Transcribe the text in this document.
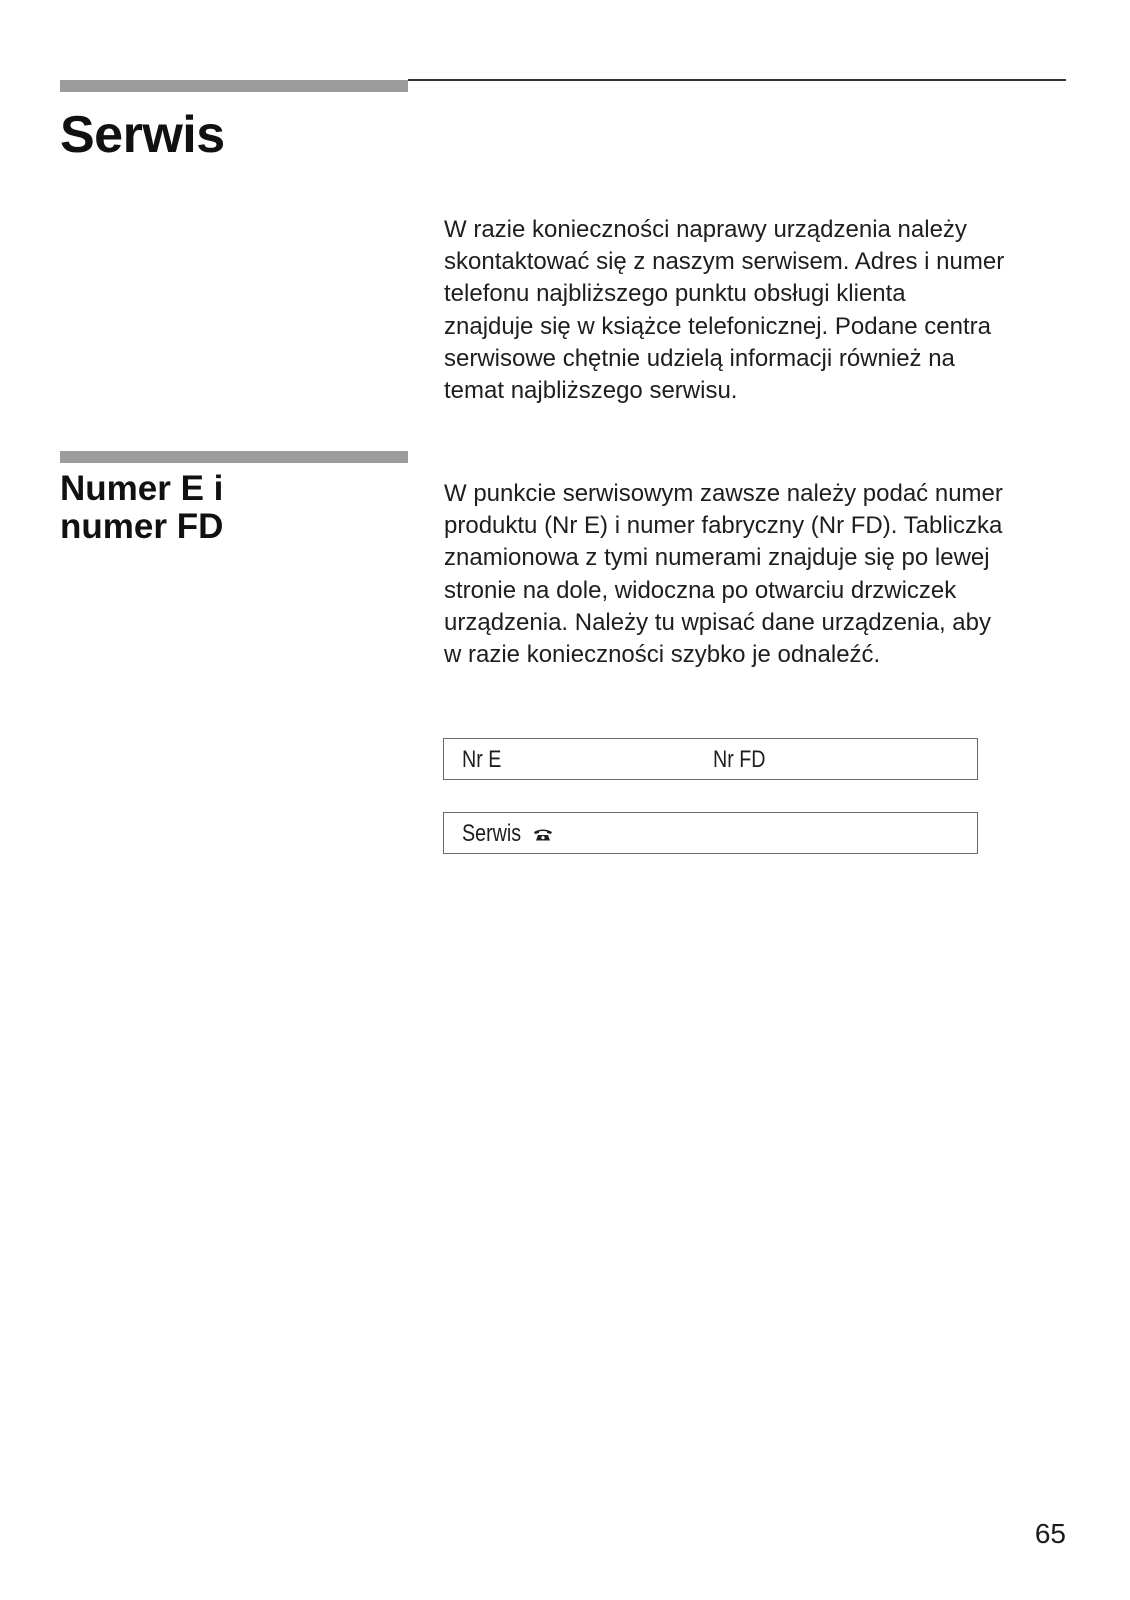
Serwis

W razie konieczności naprawy urządzenia należy
skontaktować się z naszym serwisem. Adres i numer
telefonu najbliższego punktu obsługi klienta
znajduje się w książce telefonicznej. Podane centra
serwisowe chętnie udzielą informacji również na
temat najbliższego serwisu.

Numer E i
numer FD

W punkcie serwisowym zawsze należy podać numer
produktu (Nr E) i numer fabryczny (Nr FD). Tabliczka
znamionowa z tymi numerami znajduje się po lewej
stronie na dole, widoczna po otwarciu drzwiczek
urządzenia. Należy tu wpisać dane urządzenia, aby
w razie konieczności szybko je odnaleźć.

Nr E	Nr FD
Serwis
65
